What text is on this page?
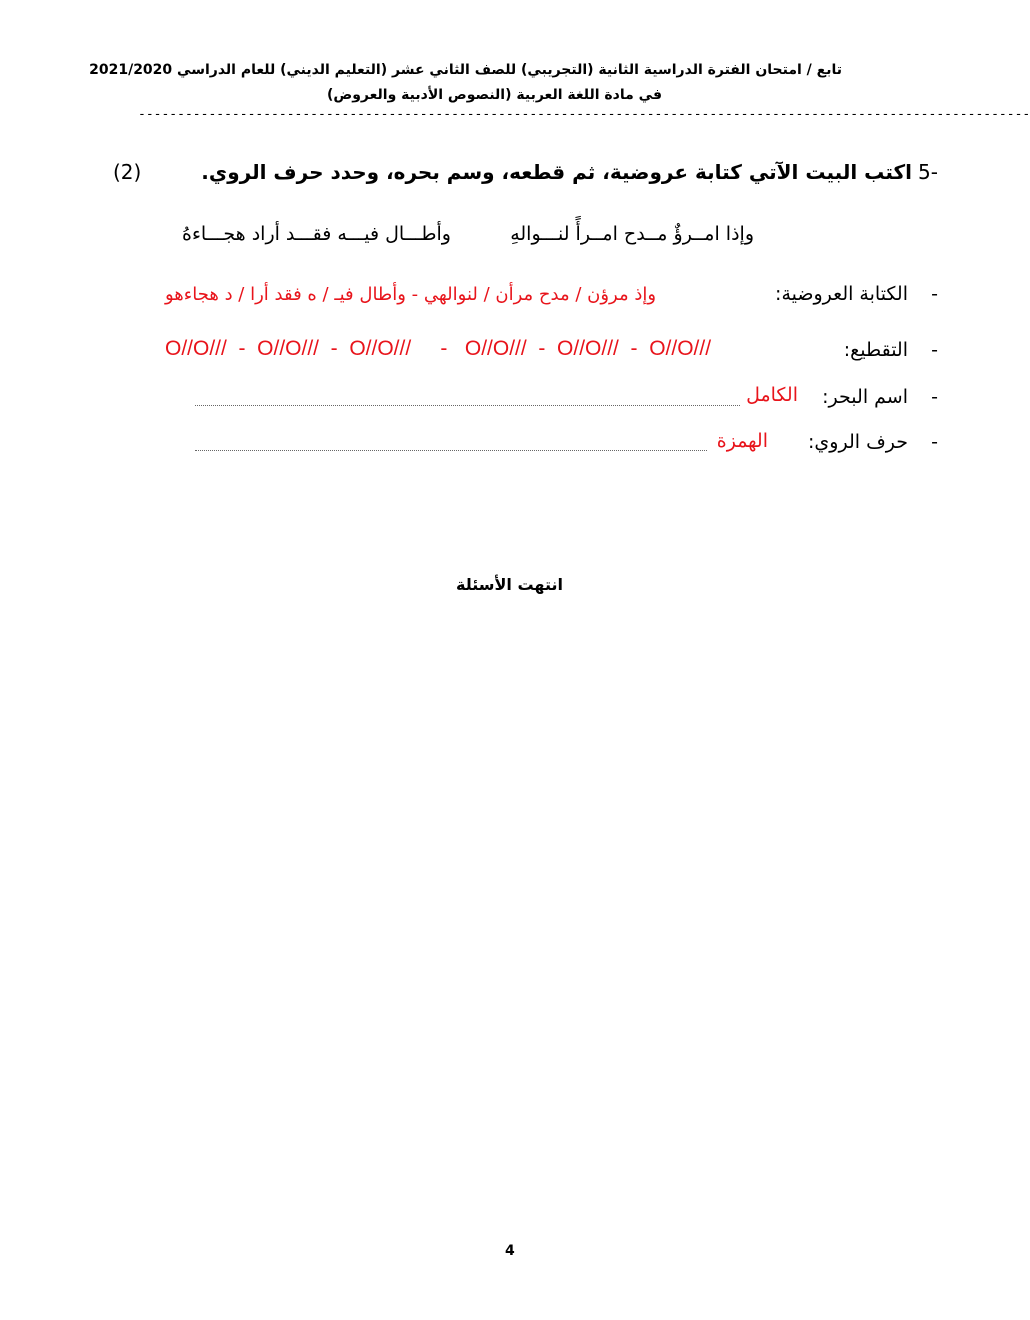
تابع / امتحان الفترة الدراسية الثانية (التجريبي) للصف الثاني عشر (التعليم الديني) للعام الدراسي 2021/2020
في مادة اللغة العربية (النصوص الأدبية والعروض)
------------------------------------------------------------------------------------------------------------------
(2)	5-
اكتب البيت الآتي كتابة عروضية، ثم قطعه، وسم بحره، وحدد حرف الروي.
وإذا امــرؤٌ مــدح امــرأً لنـــوالهِ
وأطـــال فيـــه فقـــد أراد هجـــاءهُ
-
الكتابة العروضية:
وإذ مرؤن / مدح مرأن / لنوالهي - وأطال فيـ / ه فقد أرا / د هجاءهو
-
التقطيع:
O//O///  -  O//O///  -  O//O///     -   O//O///  -  O//O///  -  O//O///
-
اسم البحر:
الكامل
-
حرف الروي:
الهمزة
انتهت الأسئلة
4
